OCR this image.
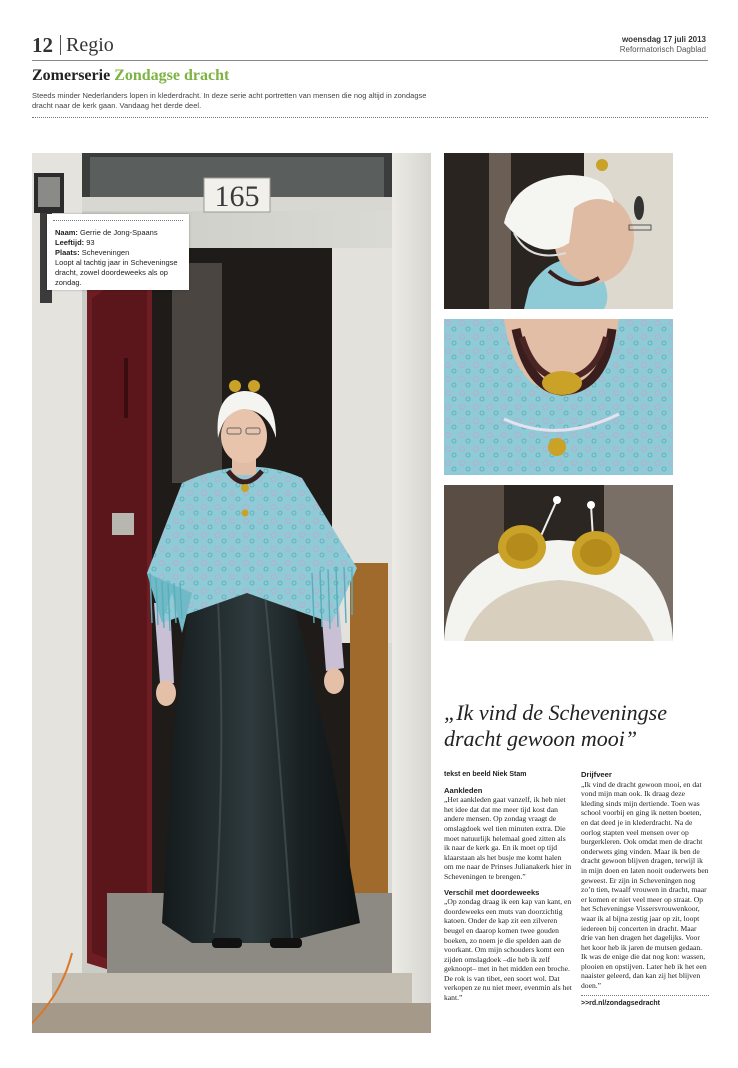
12 Regio	woensdag 17 juli 2013
Reformatorisch Dagblad
Zomerserie Zondagse dracht
Steeds minder Nederlanders lopen in klederdracht. In deze serie acht portretten van mensen die nog altijd in zondagse dracht naar de kerk gaan. Vandaag het derde deel.
165
Naam: Gerrie de Jong-Spaans
Leeftijd: 93
Plaats: Scheveningen
Loopt al tachtig jaar in Scheveningse dracht, zowel doordeweeks als op zondag.
„Ik vind de Scheveningse dracht gewoon mooi”

tekst en beeld Niek Stam

Aankleden

„Het aankleden gaat vanzelf, ik heb niet het idee dat dat me meer tijd kost dan andere mensen. Op zondag vraagt de omslagdoek wel tien minuten extra. Die moet natuurlijk helemaal goed zitten als ik naar de kerk ga. En ik moet op tijd klaarstaan als het busje me komt halen om me naar de Prinses Julianakerk hier in Scheveningen te brengen.”

Verschil met doordeweeks

„Op zondag draag ik een kap van kant, en doordeweeks een muts van doorzichtig katoen. Onder de kap zit een zilveren beugel en daarop komen twee gouden boeken, zo noem je die spelden aan de voorkant. Om mijn schouders komt een zijden omslagdoek –die heb ik zelf geknoopt– met in het midden een broche. De rok is van tibet, een soort wol. Dat verkopen ze nu niet meer, evenmin als het kant.”

Drijfveer

„Ik vind de dracht gewoon mooi, en dat vond mijn man ook. Ik draag deze kleding sinds mijn dertiende. Toen was school voorbij en ging ik netten boeten, en dat deed je in klederdracht. Na de oorlog stapten veel mensen over op burgerkleren. Ook omdat men de dracht onderwets ging vinden. Maar ik ben de dracht gewoon blijven dragen, terwijl ik in mijn doen en laten nooit ouderwets ben geweest. Er zijn in Scheveningen nog zo’n tien, twaalf vrouwen in dracht, maar er komen er niet veel meer op straat. Op het Scheveningse Vissersvrouwenkoor, waar ik al bijna zestig jaar op zit, loopt iedereen bij concerten in dracht. Maar drie van hen dragen het dagelijks. Voor het koor heb ik jaren de mutsen gedaan. Ik was de enige die dat nog kon: wassen, plooien en opstijven. Later heb ik het een naaister geleerd, dan kan zij het blijven doen.”

>>rd.nl/zondagsedracht
